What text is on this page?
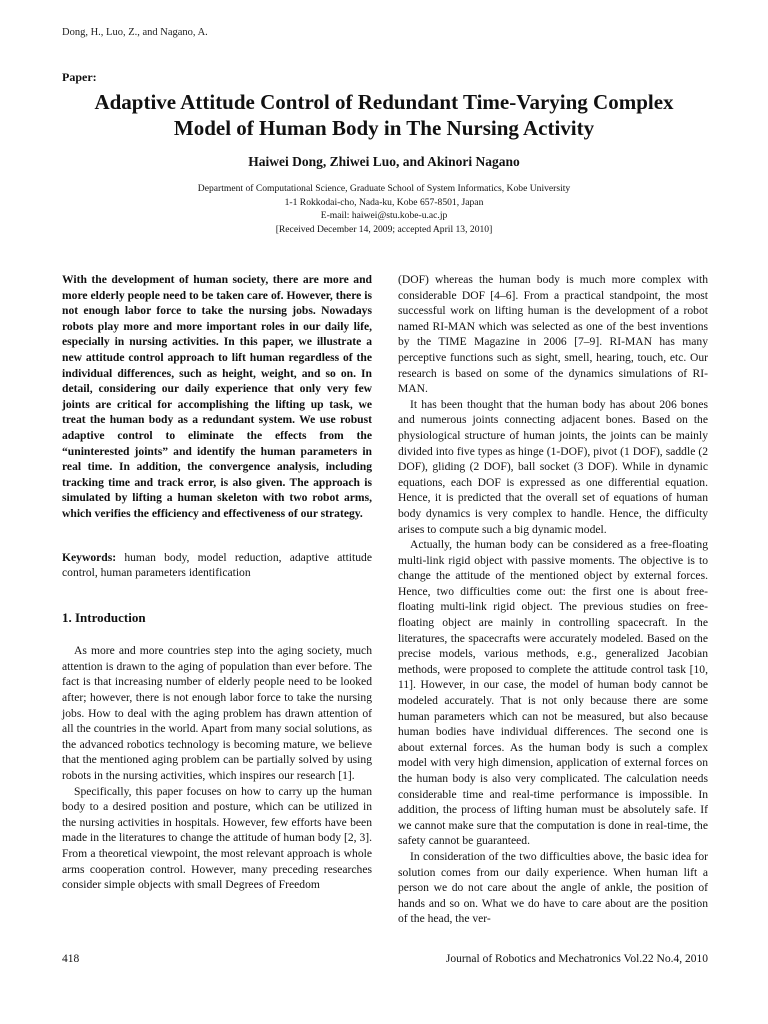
Dong, H., Luo, Z., and Nagano, A.
Paper:
Adaptive Attitude Control of Redundant Time-Varying Complex
Model of Human Body in The Nursing Activity
Haiwei Dong, Zhiwei Luo, and Akinori Nagano
Department of Computational Science, Graduate School of System Informatics, Kobe University
1-1 Rokkodai-cho, Nada-ku, Kobe 657-8501, Japan
E-mail: haiwei@stu.kobe-u.ac.jp
[Received December 14, 2009; accepted April 13, 2010]

With the development of human society, there are more and more elderly people need to be taken care of. However, there is not enough labor force to take the nursing jobs. Nowadays robots play more and more important roles in our daily life, especially in nursing activities. In this paper, we illustrate a new attitude control approach to lift human regardless of the individual differences, such as height, weight, and so on. In detail, considering our daily experience that only very few joints are critical for accomplishing the lifting up task, we treat the human body as a redundant system. We use robust adaptive control to eliminate the effects from the “uninterested joints” and identify the human parameters in real time. In addition, the convergence analysis, including tracking time and track error, is also given. The approach is simulated by lifting a human skeleton with two robot arms, which verifies the efficiency and effectiveness of our strategy.

Keywords: human body, model reduction, adaptive attitude control, human parameters identification

1. Introduction

As more and more countries step into the aging society, much attention is drawn to the aging of population than ever before. The fact is that increasing number of elderly people need to be looked after; however, there is not enough labor force to take the nursing jobs. How to deal with the aging problem has drawn attention of all the countries in the world. Apart from many social solutions, as the advanced robotics technology is becoming mature, we believe that the mentioned aging problem can be partially solved by using robots in the nursing activities, which inspires our research [1].

Specifically, this paper focuses on how to carry up the human body to a desired position and posture, which can be utilized in the nursing activities in hospitals. However, few efforts have been made in the literatures to change the attitude of human body [2, 3]. From a theoretical viewpoint, the most relevant approach is whole arms cooperation control. However, many preceding researches consider simple objects with small Degrees of Freedom

(DOF) whereas the human body is much more complex with considerable DOF [4–6]. From a practical standpoint, the most successful work on lifting human is the development of a robot named RI-MAN which was selected as one of the best inventions by the TIME Magazine in 2006 [7–9]. RI-MAN has many perceptive functions such as sight, smell, hearing, touch, etc. Our research is based on some of the dynamics simulations of RI-MAN.

It has been thought that the human body has about 206 bones and numerous joints connecting adjacent bones. Based on the physiological structure of human joints, the joints can be mainly divided into five types as hinge (1-DOF), pivot (1 DOF), saddle (2 DOF), gliding (2 DOF), ball socket (3 DOF). While in dynamic equations, each DOF is expressed as one differential equation. Hence, it is predicted that the overall set of equations of human body dynamics is very complex to handle. Hence, the difficulty arises to compute such a big dynamic model.

Actually, the human body can be considered as a free-floating multi-link rigid object with passive moments. The objective is to change the attitude of the mentioned object by external forces. Hence, two difficulties come out: the first one is about free-floating multi-link rigid object. The previous studies on free-floating object are mainly in controlling spacecraft. In the literatures, the spacecrafts were accurately modeled. Based on the precise models, various methods, e.g., generalized Jacobian methods, were proposed to complete the attitude control task [10, 11]. However, in our case, the model of human body cannot be modeled accurately. That is not only because there are some human parameters which can not be measured, but also because human bodies have individual differences. The second one is about external forces. As the human body is such a complex model with very high dimension, application of external forces on the human body is also very complicated. The calculation needs considerable time and real-time performance is impossible. In addition, the process of lifting human must be absolutely safe. If we cannot make sure that the computation is done in real-time, the safety cannot be guaranteed.

In consideration of the two difficulties above, the basic idea for solution comes from our daily experience. When human lift a person we do not care about the angle of ankle, the position of hands and so on. What we do have to care about are the position of the head, the ver-

418	Journal of Robotics and Mechatronics Vol.22 No.4, 2010
